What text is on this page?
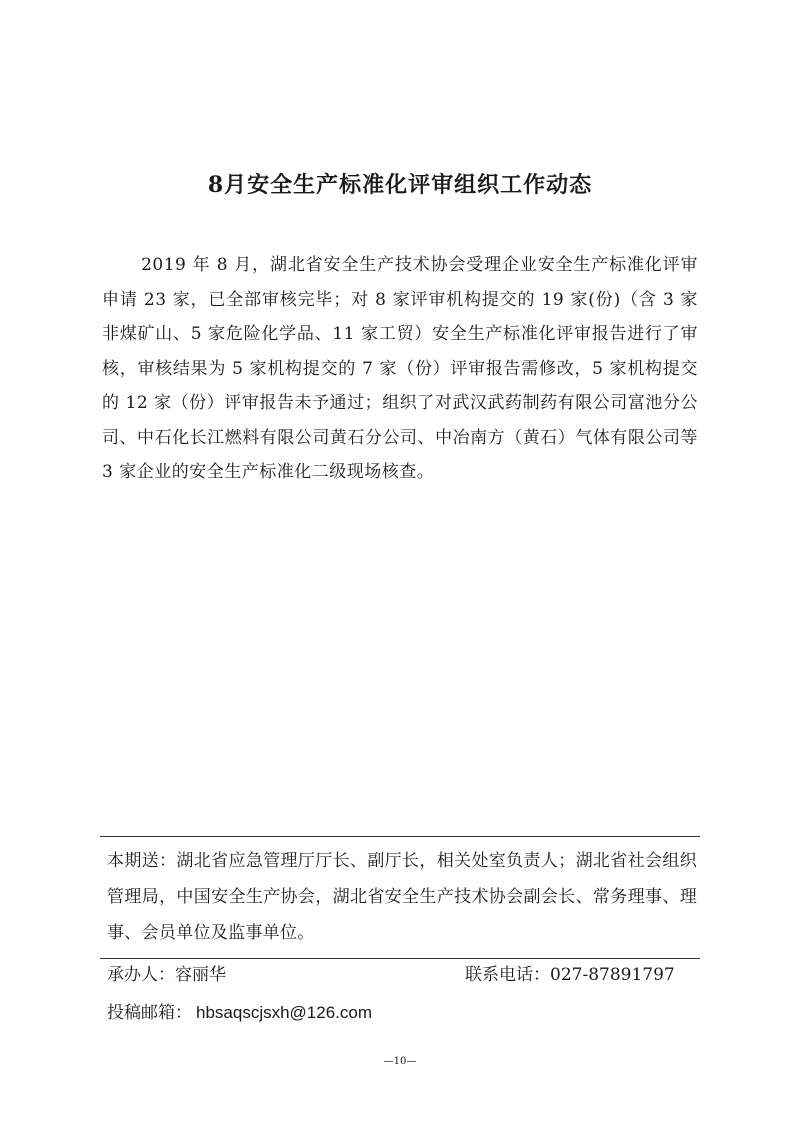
8月安全生产标准化评审组织工作动态
2019 年 8 月，湖北省安全生产技术协会受理企业安全生产标准化评审申请 23 家，已全部审核完毕；对 8 家评审机构提交的 19 家(份)（含 3 家非煤矿山、5 家危险化学品、11 家工贸）安全生产标准化评审报告进行了审核，审核结果为 5 家机构提交的 7 家（份）评审报告需修改，5 家机构提交的 12 家（份）评审报告未予通过；组织了对武汉武药制药有限公司富池分公司、中石化长江燃料有限公司黄石分公司、中冶南方（黄石）气体有限公司等 3 家企业的安全生产标准化二级现场核查。
本期送：湖北省应急管理厅厅长、副厅长，相关处室负责人；湖北省社会组织管理局，中国安全生产协会，湖北省安全生产技术协会副会长、常务理事、理事、会员单位及监事单位。
承办人：容丽华	联系电话：027-87891797
投稿邮箱： hbsaqscjsxh@126.com
—10—
